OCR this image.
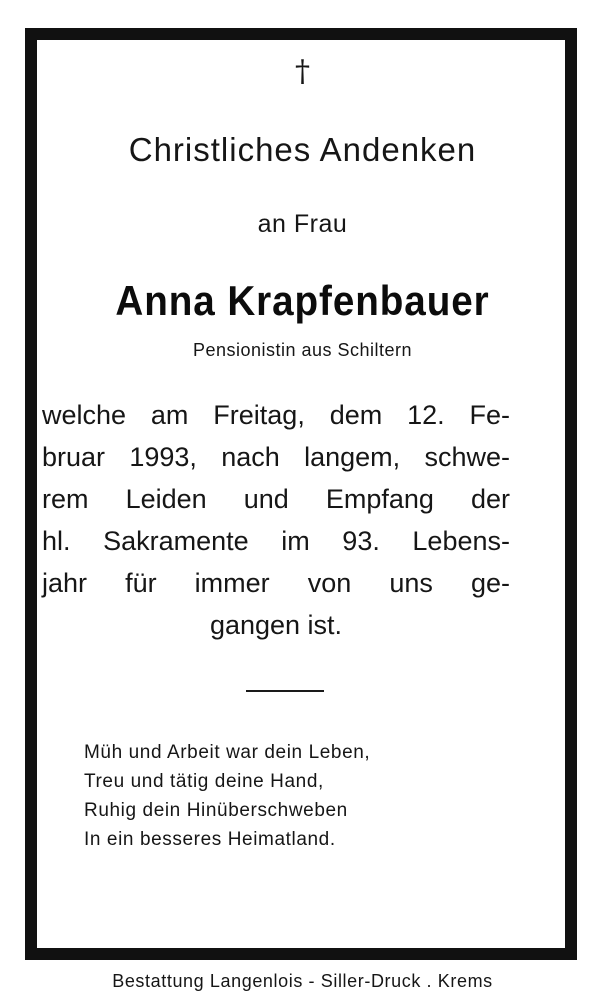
†
Christliches Andenken
an Frau
Anna Krapfenbauer
Pensionistin aus Schiltern
welche am Freitag, dem 12. Fe-
bruar 1993, nach langem, schwe-
rem Leiden und Empfang der
hl. Sakramente im 93. Lebens-
jahr für immer von uns ge-
gangen ist.
Müh und Arbeit war dein Leben,
Treu und tätig deine Hand,
Ruhig dein Hinüberschweben
In ein besseres Heimatland.
Bestattung Langenlois - Siller-Druck . Krems
